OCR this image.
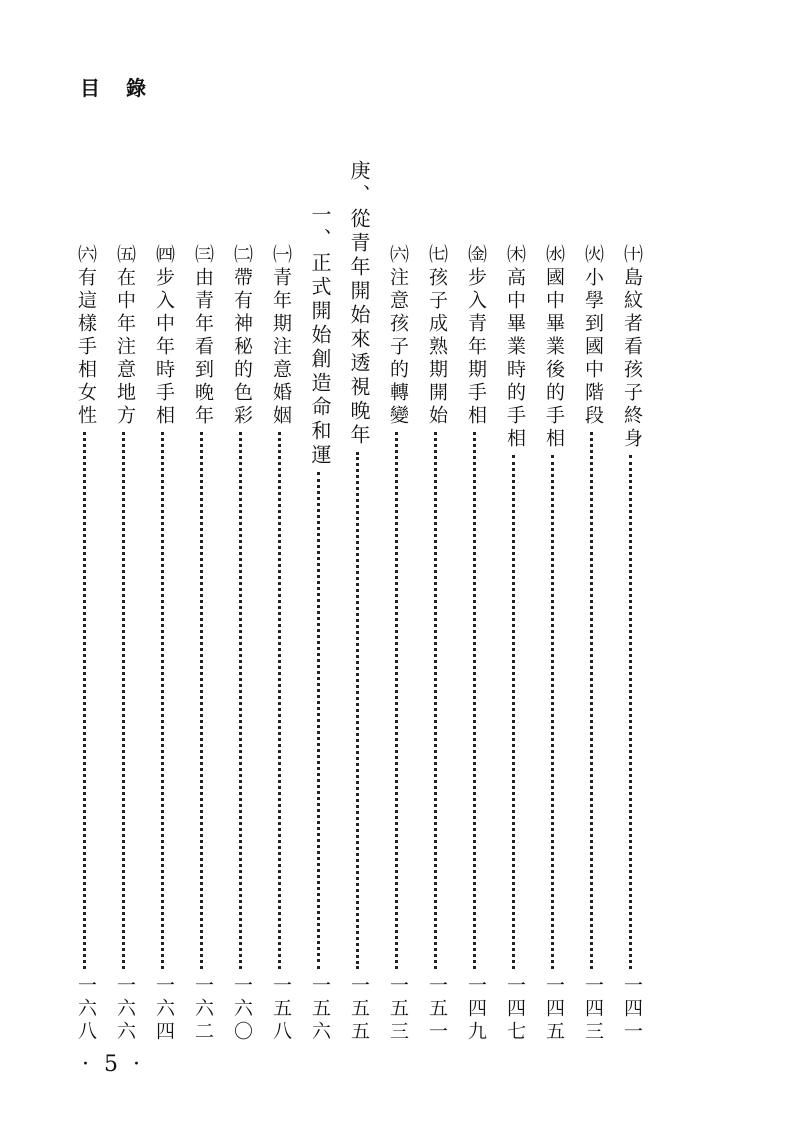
目 錄
㈩島紋者看孩子終身
一四一
㈫小學到國中階段
一四三
㈬國中畢業後的手相
一四五
㈭高中畢業時的手相
一四七
㈮步入青年期手相
一四九
㈦孩子成熟期開始
一五一
㈥注意孩子的轉變
一五三
庚、從青年開始來透視晚年
一五五
一、正式開始創造命和運
一五六
㈠青年期注意婚姻
一五八
㈡帶有神秘的色彩
一六〇
㈢由青年看到晚年
一六二
㈣步入中年時手相
一六四
㈤在中年注意地方
一六六
㈥有這樣手相女性
一六八
· 5 ·
